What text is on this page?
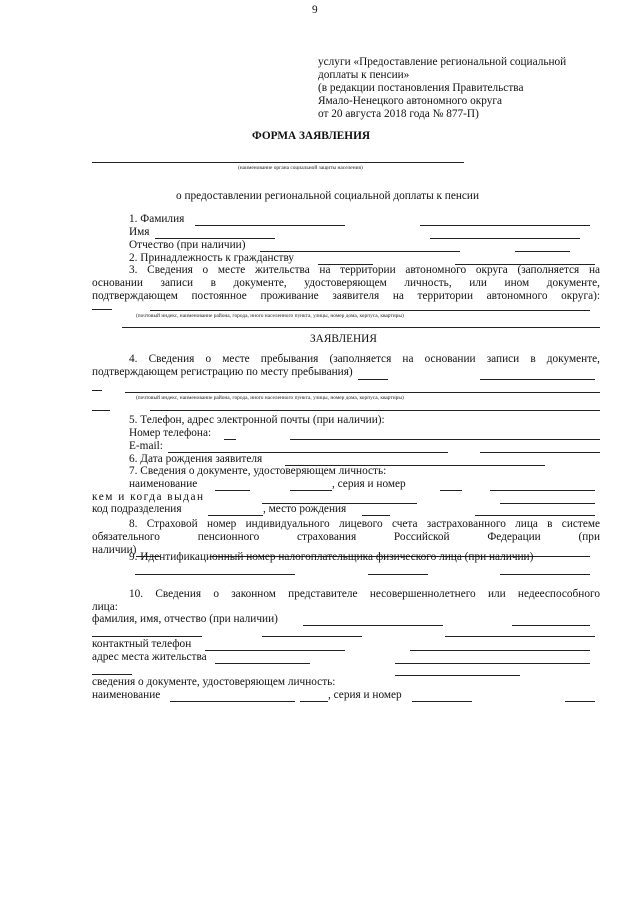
9
услуги «Предоставление региональной социальной
доплаты к пенсии»
(в редакции постановления Правительства
Ямало-Ненецкого автономного округа
от 20 августа 2018 года № 877-П)
ФОРМА ЗАЯВЛЕНИЯ
(наименование органа социальной защиты населения)
о предоставлении региональной социальной доплаты к пенсии
1. Фамилия
Имя
Отчество (при наличии)
2. Принадлежность к гражданству
3. Сведения о месте жительства на территории автономного округа (заполняется на
основании записи в документе, удостоверяющем личность, или ином документе,
подтверждающем постоянное проживание заявителя на территории автономного округа):
(почтовый индекс, наименование района, города, иного населенного пункта, улицы, номер дома, корпуса, квартиры)
ЗАЯВЛЕНИЯ
4. Сведения о месте пребывания (заполняется на основании записи в документе,
подтверждающем регистрацию по месту пребывания)
(почтовый индекс, наименование района, города, иного населенного пункта, улицы, номер дома, корпуса, квартиры)
5. Телефон, адрес электронной почты (при наличии):
Номер телефона:
E-mail:
6. Дата рождения заявителя
7. Сведения о документе, удостоверяющем личность:
наименование	, серия и номер
кем и когда выдан
код подразделения	, место рождения
8. Страховой номер индивидуального лицевого счета застрахованного лица в системе
обязательного пенсионного страхования Российской Федерации (при
наличии)
9. Идентификационный номер налогоплательщика физического лица (при наличии)
10. Сведения о законном представителе несовершеннолетнего или недееспособного
лица:
фамилия, имя, отчество (при наличии)
контактный телефон
адрес места жительства
сведения о документе, удостоверяющем личность:
наименование	, серия и номер
